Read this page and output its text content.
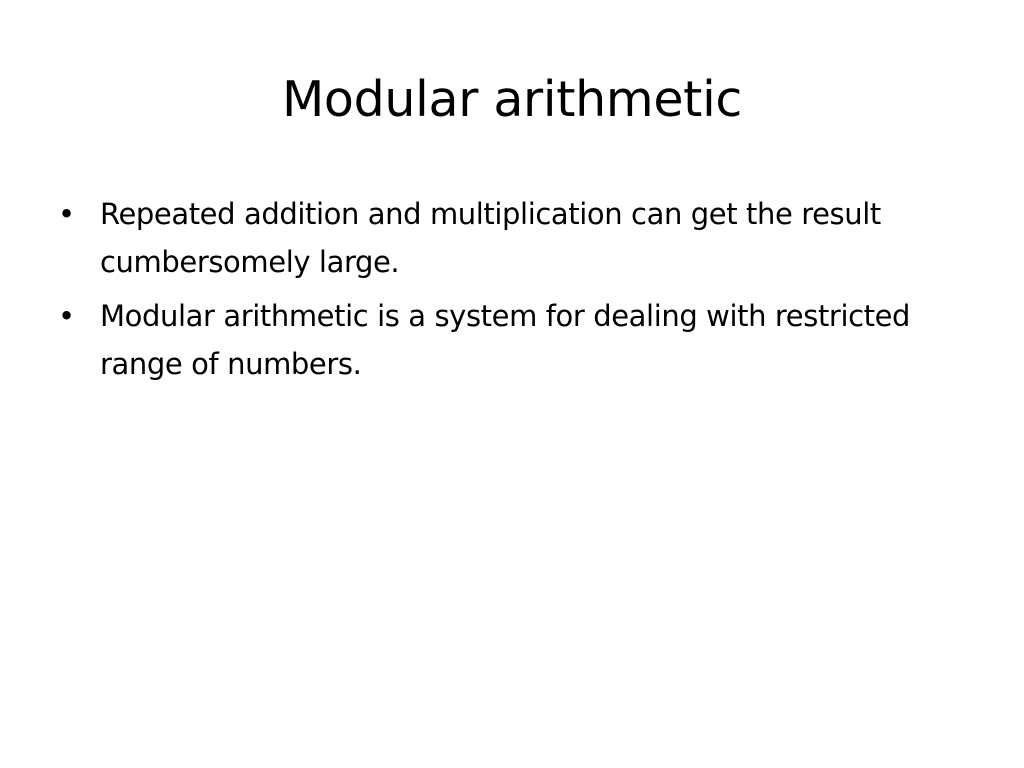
Modular arithmetic
• Repeated addition and multiplication can get the result cumbersomely large.
• Modular arithmetic is a system for dealing with restricted range of numbers.
